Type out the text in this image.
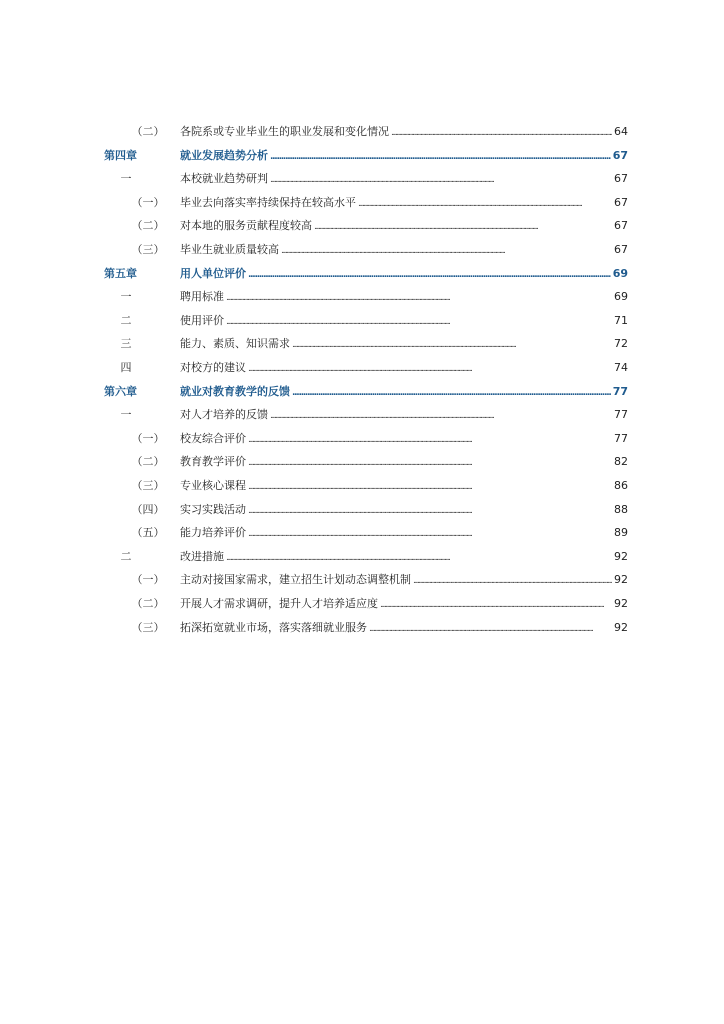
（二）	各院系或专业毕业生的职业发展和变化情况 . . .	64
第四章	就业发展趋势分析 . . .	67
一	本校就业趋势研判 . . .	67
（一）	毕业去向落实率持续保持在较高水平 . . .	67
（二）	对本地的服务贡献程度较高 . . .	67
（三）	毕业生就业质量较高 . . .	67
第五章	用人单位评价 . . .	69
一	聘用标准 . . .	69
二	使用评价 . . .	71
三	能力、素质、知识需求 . . .	72
四	对校方的建议 . . .	74
第六章	就业对教育教学的反馈 . . .	77
一	对人才培养的反馈 . . .	77
（一）	校友综合评价 . . .	77
（二）	教育教学评价 . . .	82
（三）	专业核心课程 . . .	86
（四）	实习实践活动 . . .	88
（五）	能力培养评价 . . .	89
二	改进措施 . . .	92
（一）	主动对接国家需求，建立招生计划动态调整机制 . . .	92
（二）	开展人才需求调研，提升人才培养适应度 . . .	92
（三）	拓深拓宽就业市场，落实落细就业服务 . . .	92
